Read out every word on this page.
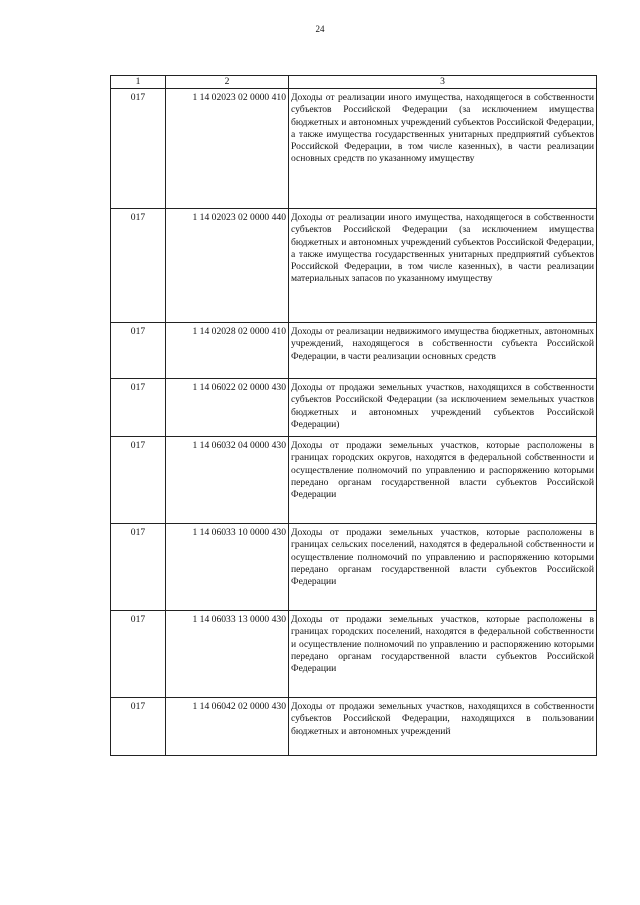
24
1	2	3
017	1 14 02023 02 0000 410	Доходы от реализации иного имущества, находящегося в собственности субъектов Российской Федерации (за исключением имущества бюджетных и автономных учреждений субъектов Российской Федерации, а также имущества государственных унитарных предприятий субъектов Российской Федерации, в том числе казенных), в части реализации основных средств по указанному имуществу
017	1 14 02023 02 0000 440	Доходы от реализации иного имущества, находящегося в собственности субъектов Российской Федерации (за исключением имущества бюджетных и автономных учреждений субъектов Российской Федерации, а также имущества государственных унитарных предприятий субъектов Российской Федерации, в том числе казенных), в части реализации материальных запасов по указанному имуществу
017	1 14 02028 02 0000 410	Доходы от реализации недвижимого имущества бюджетных, автономных учреждений, находящегося в собственности субъекта Российской Федерации, в части реализации основных средств
017	1 14 06022 02 0000 430	Доходы от продажи земельных участков, находящихся в собственности субъектов Российской Федерации (за исключением земельных участков бюджетных и автономных учреждений субъектов Российской Федерации)
017	1 14 06032 04 0000 430	Доходы от продажи земельных участков, которые расположены в границах городских округов, находятся в федеральной собственности и осуществление полномочий по управлению и распоряжению которыми передано органам государственной власти субъектов Российской Федерации
017	1 14 06033 10 0000 430	Доходы от продажи земельных участков, которые расположены в границах сельских поселений, находятся в федеральной собственности и осуществление полномочий по управлению и распоряжению которыми передано органам государственной власти субъектов Российской Федерации
017	1 14 06033 13 0000 430	Доходы от продажи земельных участков, которые расположены в границах городских поселений, находятся в федеральной собственности и осуществление полномочий по управлению и распоряжению которыми передано органам государственной власти субъектов Российской Федерации
017	1 14 06042 02 0000 430	Доходы от продажи земельных участков, находящихся в собственности субъектов Российской Федерации, находящихся в пользовании бюджетных и автономных учреждений
